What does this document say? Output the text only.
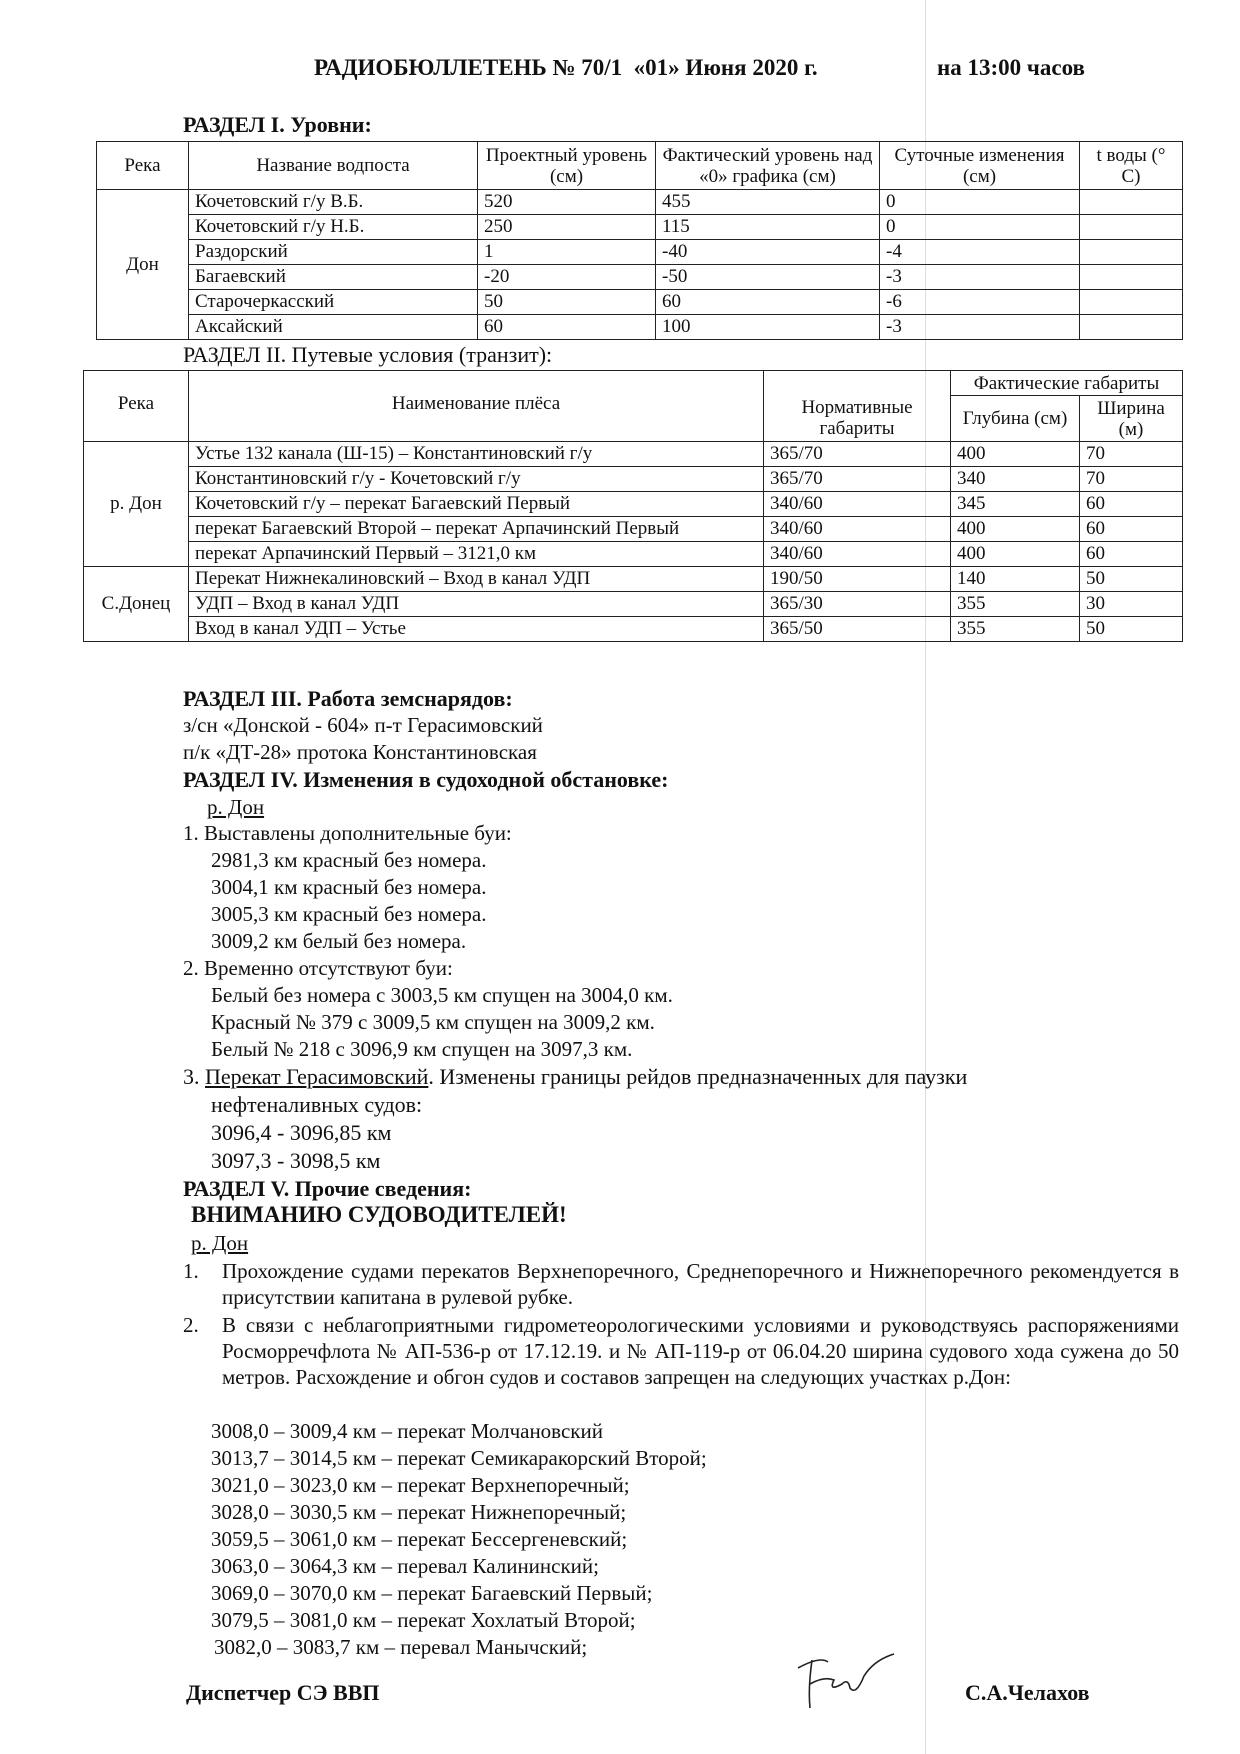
РАДИОБЮЛЛЕТЕНЬ № 70/1  «01» Июня 2020 г.	на 13:00 часов
РАЗДЕЛ I. Уровни:
Река	Название водпоста	Проектный уровень (см)	Фактический уровень над «0» графика (см)	Суточные изменения (см)	t воды (° С)
Дон	Кочетовский г/у В.Б.	520	455	0	
	Кочетовский г/у Н.Б.	250	115	0	
	Раздорский	1	-40	-4	
	Багаевский	-20	-50	-3	
	Старочеркасский	50	60	-6	
	Аксайский	60	100	-3	
РАЗДЕЛ II. Путевые условия (транзит):
Река	Наименование плёса	Нормативные габариты	Фактические габариты	
			Глубина (см)	Ширина (м)
р. Дон	Устье 132 канала (Ш-15) – Константиновский г/у	365/70	400	70
	Константиновский г/у - Кочетовский г/у	365/70	340	70
	Кочетовский г/у – перекат Багаевский Первый	340/60	345	60
	перекат Багаевский Второй – перекат Арпачинский Первый	340/60	400	60
	перекат Арпачинский Первый – 3121,0 км	340/60	400	60
С.Донец	Перекат Нижнекалиновский – Вход в канал УДП	190/50	140	50
	УДП – Вход в канал УДП	365/30	355	30
	Вход в канал УДП – Устье	365/50	355	50
РАЗДЕЛ III. Работа земснарядов:
з/сн «Донской - 604» п-т Герасимовский
п/к «ДТ-28» протока Константиновская
РАЗДЕЛ IV. Изменения в судоходной обстановке:
р. Дон
1. Выставлены дополнительные буи:
2981,3 км красный без номера.
3004,1 км красный без номера.
3005,3 км красный без номера.
3009,2 км белый без номера.
2. Временно отсутствуют буи:
Белый без номера с 3003,5 км спущен на 3004,0 км.
Красный № 379 с 3009,5 км спущен на 3009,2 км.
Белый № 218 с 3096,9 км спущен на 3097,3 км.
3. Перекат Герасимовский. Изменены границы рейдов предназначенных для паузки
нефтеналивных судов:
3096,4 - 3096,85 км
3097,3 - 3098,5 км
РАЗДЕЛ V. Прочие сведения:
ВНИМАНИЮ СУДОВОДИТЕЛЕЙ!
р. Дон
1. Прохождение судами перекатов Верхнепоречного, Среднепоречного и Нижнепоречного рекомендуется в присутствии капитана в рулевой рубке.
2. В связи с неблагоприятными гидрометеорологическими условиями и руководствуясь распоряжениями Росморречфлота № АП-536-р от 17.12.19. и № АП-119-р от 06.04.20 ширина судового хода сужена до 50 метров. Расхождение и обгон судов и составов запрещен на следующих участках р.Дон:
3008,0 – 3009,4 км – перекат Молчановский
3013,7 – 3014,5 км – перекат Семикаракорский Второй;
3021,0 – 3023,0 км – перекат Верхнепоречный;
3028,0 – 3030,5 км – перекат Нижнепоречный;
3059,5 – 3061,0 км – перекат Бессергеневский;
3063,0 – 3064,3 км – перевал Калининский;
3069,0 – 3070,0 км – перекат Багаевский Первый;
3079,5 – 3081,0 км – перекат Хохлатый Второй;
3082,0 – 3083,7 км – перевал Манычский;
Диспетчер СЭ ВВП	С.А.Челахов
